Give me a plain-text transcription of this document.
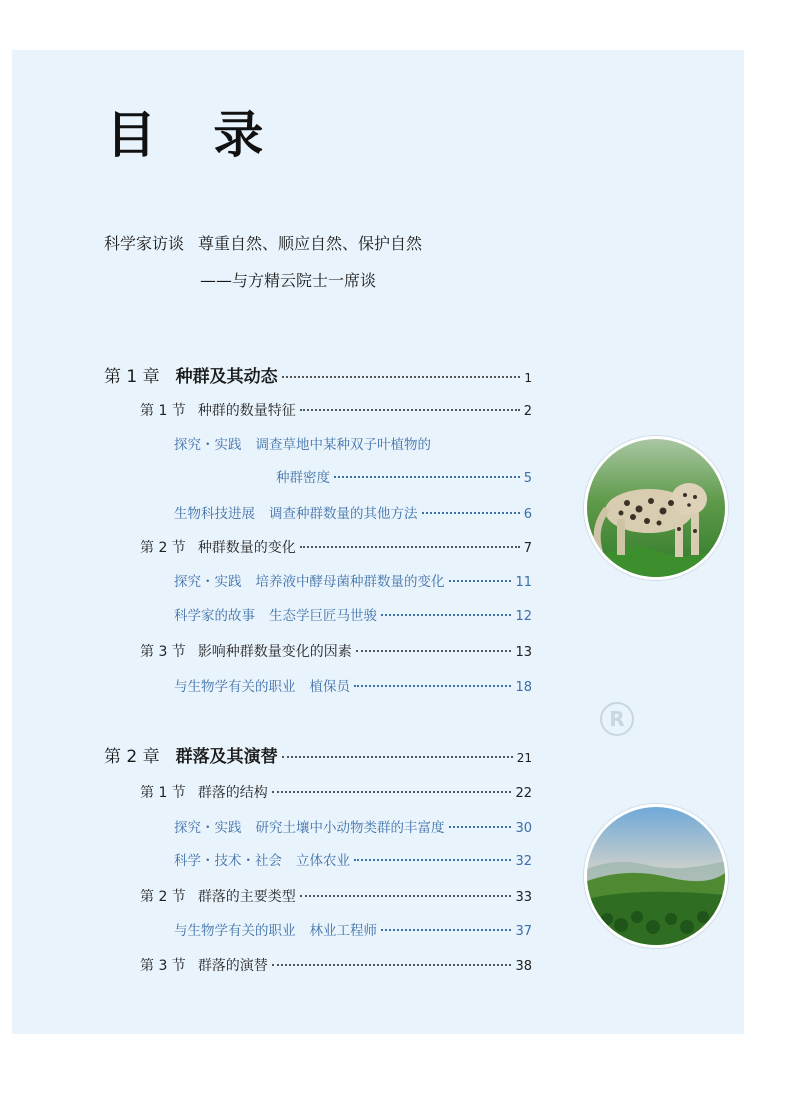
目 录
科学家访谈 尊重自然、顺应自然、保护自然
——与方精云院士一席谈
第 1 章 种群及其动态	1
第 1 节 种群的数量特征	2
探究・实践 调查草地中某种双子叶植物的
种群密度	5
生物科技进展 调查种群数量的其他方法	6
第 2 节 种群数量的变化	7
探究・实践 培养液中酵母菌种群数量的变化	11
科学家的故事 生态学巨匠马世骏	12
第 3 节 影响种群数量变化的因素	13
与生物学有关的职业 植保员	18
第 2 章 群落及其演替	21
第 1 节 群落的结构	22
探究・实践 研究土壤中小动物类群的丰富度	30
科学・技术・社会 立体农业	32
第 2 节 群落的主要类型	33
与生物学有关的职业 林业工程师	37
第 3 节 群落的演替	38
R
